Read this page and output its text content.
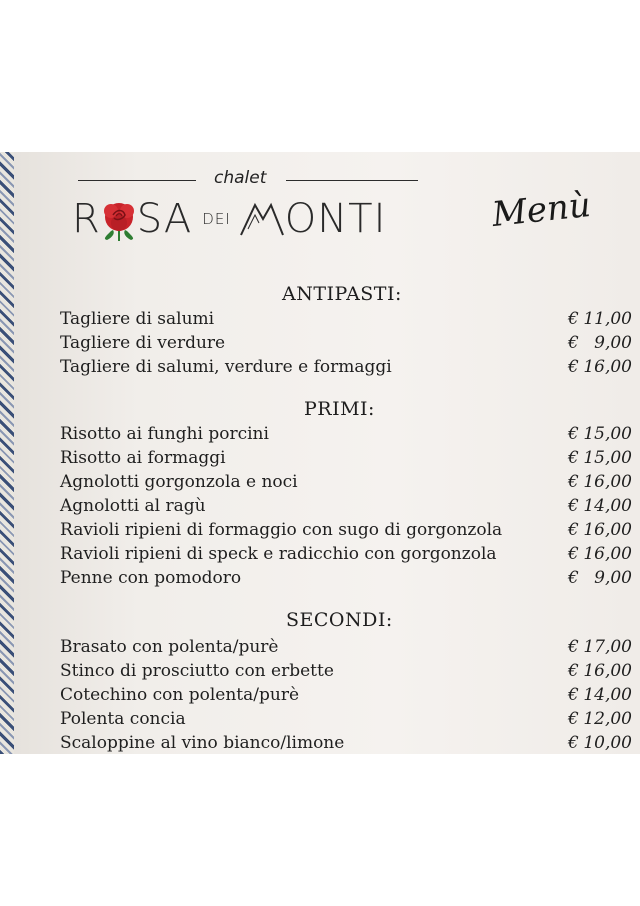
chalet
R SA DEI ONTI	Menù
ANTIPASTI:
Tagliere di salumi	€ 11,00
Tagliere di verdure	€ 9,00
Tagliere di salumi, verdure e formaggi	€ 16,00
PRIMI:
Risotto ai funghi porcini	€ 15,00
Risotto ai formaggi	€ 15,00
Agnolotti gorgonzola e noci	€ 16,00
Agnolotti al ragù	€ 14,00
Ravioli ripieni di formaggio con sugo di gorgonzola	€ 16,00
Ravioli ripieni di speck e radicchio con gorgonzola	€ 16,00
Penne con pomodoro	€ 9,00
SECONDI:
Brasato con polenta/purè	€ 17,00
Stinco di prosciutto con erbette	€ 16,00
Cotechino con polenta/purè	€ 14,00
Polenta concia	€ 12,00
Scaloppine al vino bianco/limone	€ 10,00
